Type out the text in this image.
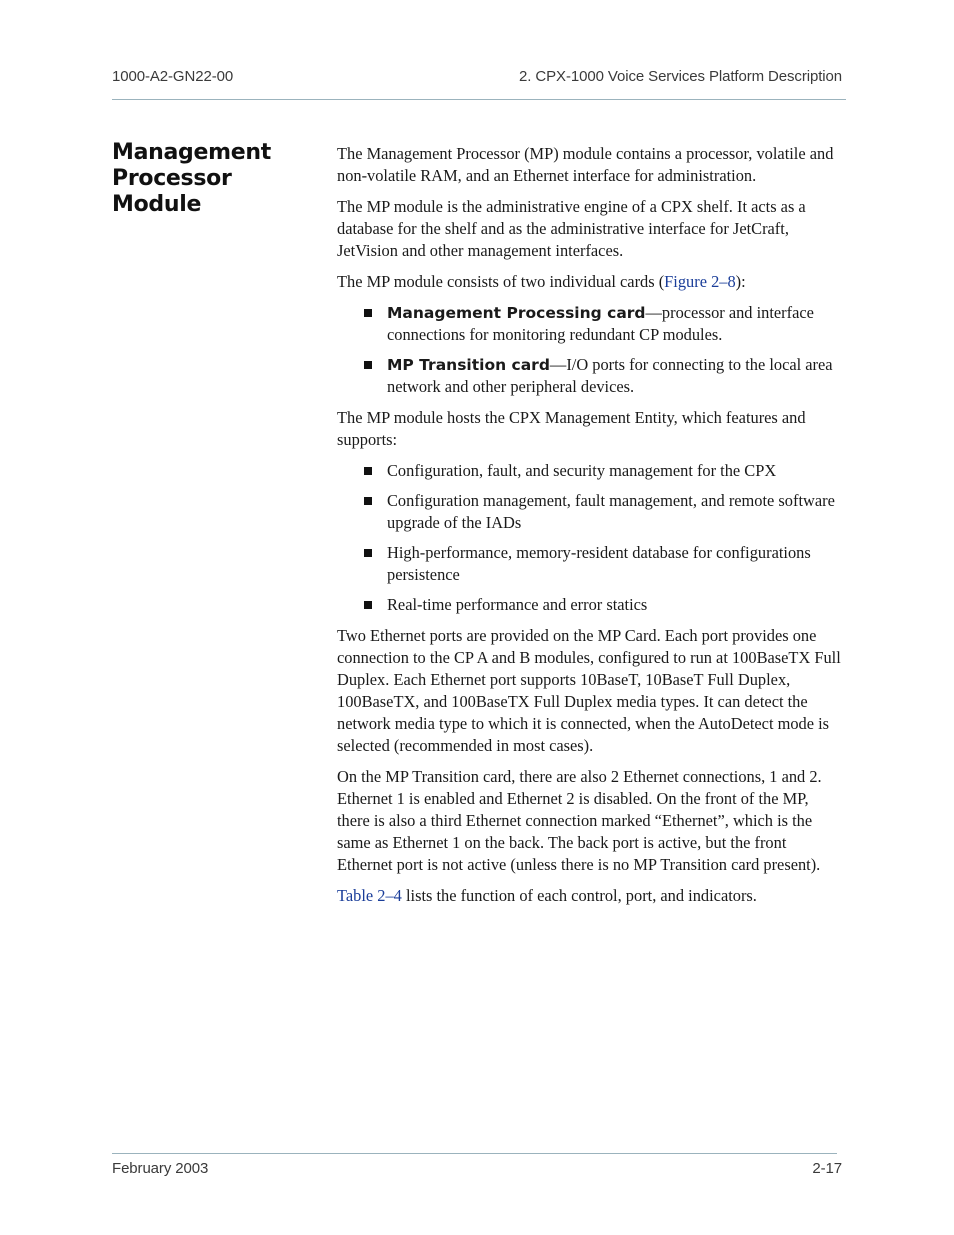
1000-A2-GN22-00	2. CPX-1000 Voice Services Platform Description
Management Processor Module

The Management Processor (MP) module contains a processor, volatile and non-volatile RAM, and an Ethernet interface for administration.

The MP module is the administrative engine of a CPX shelf. It acts as a database for the shelf and as the administrative interface for JetCraft, JetVision and other management interfaces.

The MP module consists of two individual cards (Figure 2–8):

Management Processing card—processor and interface connections for monitoring redundant CP modules.
MP Transition card—I/O ports for connecting to the local area network and other peripheral devices.

The MP module hosts the CPX Management Entity, which features and supports:

Configuration, fault, and security management for the CPX
Configuration management, fault management, and remote software upgrade of the IADs
High-performance, memory-resident database for configurations persistence
Real-time performance and error statics

Two Ethernet ports are provided on the MP Card. Each port provides one connection to the CP A and B modules, configured to run at 100BaseTX Full Duplex. Each Ethernet port supports 10BaseT, 10BaseT Full Duplex, 100BaseTX, and 100BaseTX Full Duplex media types. It can detect the network media type to which it is connected, when the AutoDetect mode is selected (recommended in most cases).

On the MP Transition card, there are also 2 Ethernet connections, 1 and 2. Ethernet 1 is enabled and Ethernet 2 is disabled. On the front of the MP, there is also a third Ethernet connection marked “Ethernet”, which is the same as Ethernet 1 on the back. The back port is active, but the front Ethernet port is not active (unless there is no MP Transition card present).

Table 2–4 lists the function of each control, port, and indicators.

February 2003	2-17
